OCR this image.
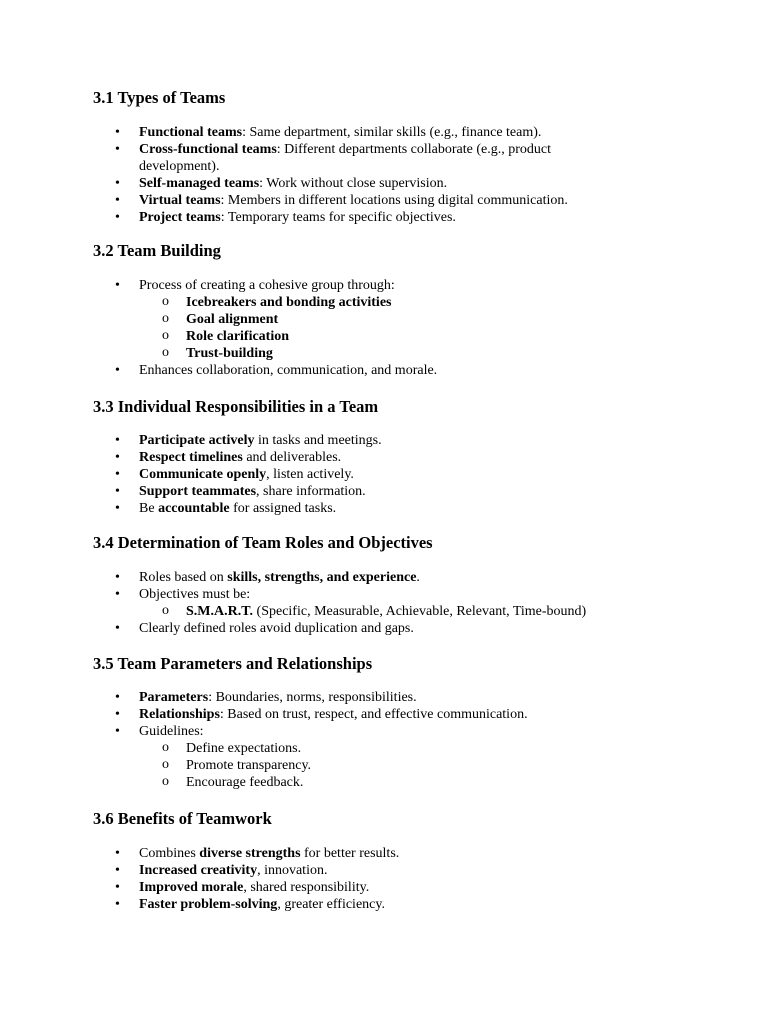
3.1 Types of Teams
• Functional teams: Same department, similar skills (e.g., finance team).
• Cross-functional teams: Different departments collaborate (e.g., product development).
• Self-managed teams: Work without close supervision.
• Virtual teams: Members in different locations using digital communication.
• Project teams: Temporary teams for specific objectives.
3.2 Team Building
• Process of creating a cohesive group through:
o Icebreakers and bonding activities
o Goal alignment
o Role clarification
o Trust-building
• Enhances collaboration, communication, and morale.
3.3 Individual Responsibilities in a Team
• Participate actively in tasks and meetings.
• Respect timelines and deliverables.
• Communicate openly, listen actively.
• Support teammates, share information.
• Be accountable for assigned tasks.
3.4 Determination of Team Roles and Objectives
• Roles based on skills, strengths, and experience.
• Objectives must be:
o S.M.A.R.T. (Specific, Measurable, Achievable, Relevant, Time-bound)
• Clearly defined roles avoid duplication and gaps.
3.5 Team Parameters and Relationships
• Parameters: Boundaries, norms, responsibilities.
• Relationships: Based on trust, respect, and effective communication.
• Guidelines:
o Define expectations.
o Promote transparency.
o Encourage feedback.
3.6 Benefits of Teamwork
• Combines diverse strengths for better results.
• Increased creativity, innovation.
• Improved morale, shared responsibility.
• Faster problem-solving, greater efficiency.
